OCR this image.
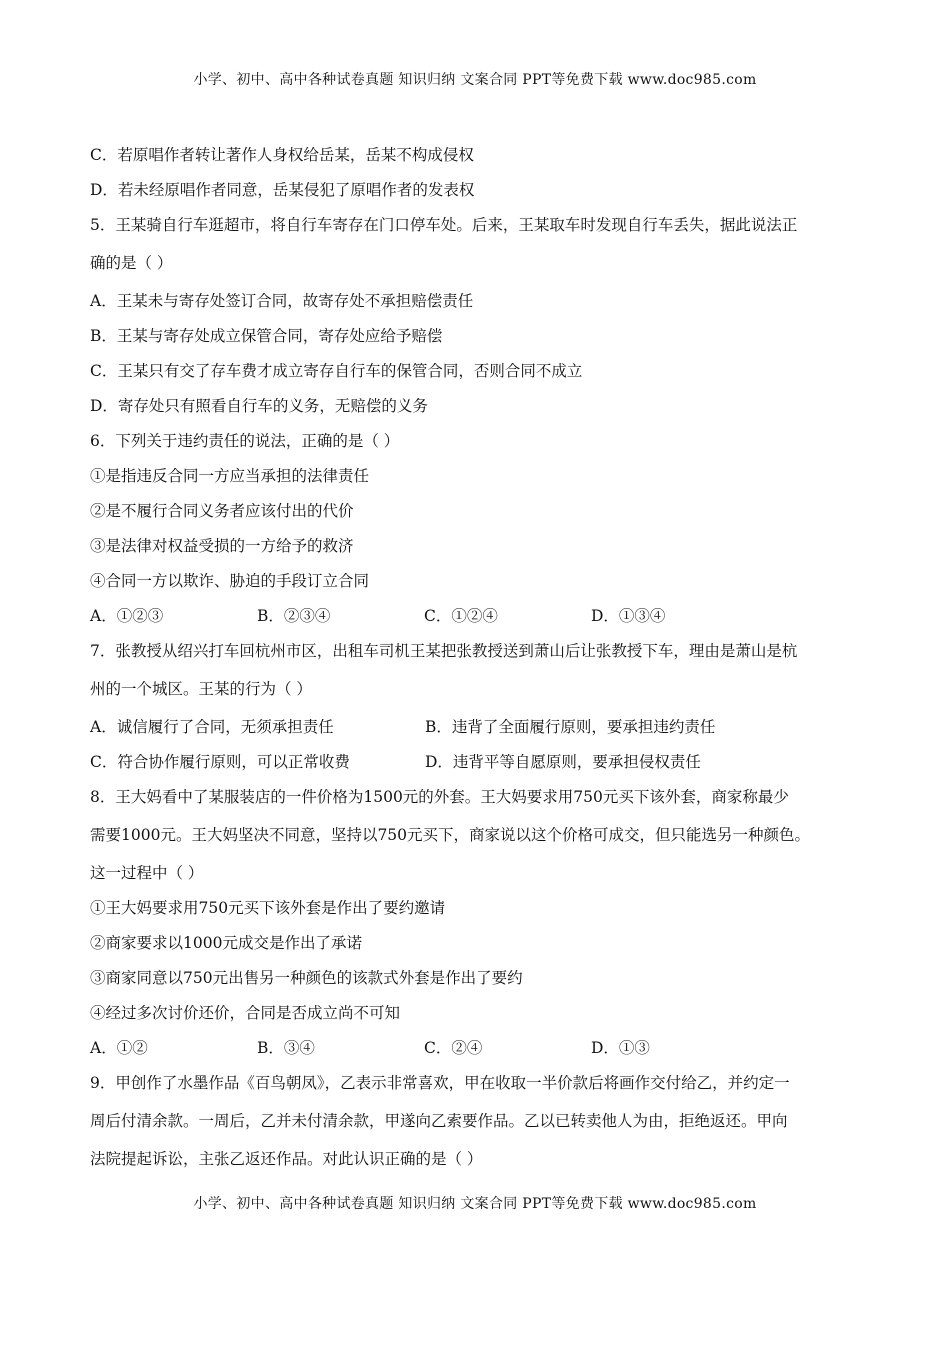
小学、初中、高中各种试卷真题 知识归纳 文案合同 PPT等免费下载 www.doc985.com
C．若原唱作者转让著作人身权给岳某，岳某不构成侵权
D．若未经原唱作者同意，岳某侵犯了原唱作者的发表权
5．王某骑自行车逛超市，将自行车寄存在门口停车处。后来，王某取车时发现自行车丢失，据此说法正
确的是（ ）
A．王某未与寄存处签订合同，故寄存处不承担赔偿责任
B．王某与寄存处成立保管合同，寄存处应给予赔偿
C．王某只有交了存车费才成立寄存自行车的保管合同，否则合同不成立
D．寄存处只有照看自行车的义务，无赔偿的义务
6．下列关于违约责任的说法，正确的是（ ）
①是指违反合同一方应当承担的法律责任
②是不履行合同义务者应该付出的代价
③是法律对权益受损的一方给予的救济
④合同一方以欺诈、胁迫的手段订立合同
A．①②③	B．②③④	C．①②④	D．①③④
7．张教授从绍兴打车回杭州市区，出租车司机王某把张教授送到萧山后让张教授下车，理由是萧山是杭
州的一个城区。王某的行为（ ）
A．诚信履行了合同，无须承担责任	B．违背了全面履行原则，要承担违约责任
C．符合协作履行原则，可以正常收费	D．违背平等自愿原则，要承担侵权责任
8．王大妈看中了某服装店的一件价格为1500元的外套。王大妈要求用750元买下该外套，商家称最少
需要1000元。王大妈坚决不同意，坚持以750元买下，商家说以这个价格可成交，但只能选另一种颜色。
这一过程中（ ）
①王大妈要求用750元买下该外套是作出了要约邀请
②商家要求以1000元成交是作出了承诺
③商家同意以750元出售另一种颜色的该款式外套是作出了要约
④经过多次讨价还价，合同是否成立尚不可知
A．①②	B．③④	C．②④	D．①③
9．甲创作了水墨作品《百鸟朝凤》，乙表示非常喜欢，甲在收取一半价款后将画作交付给乙，并约定一
周后付清余款。一周后，乙并未付清余款，甲遂向乙索要作品。乙以已转卖他人为由，拒绝返还。甲向
法院提起诉讼，主张乙返还作品。对此认识正确的是（ ）
小学、初中、高中各种试卷真题 知识归纳 文案合同 PPT等免费下载 www.doc985.com
